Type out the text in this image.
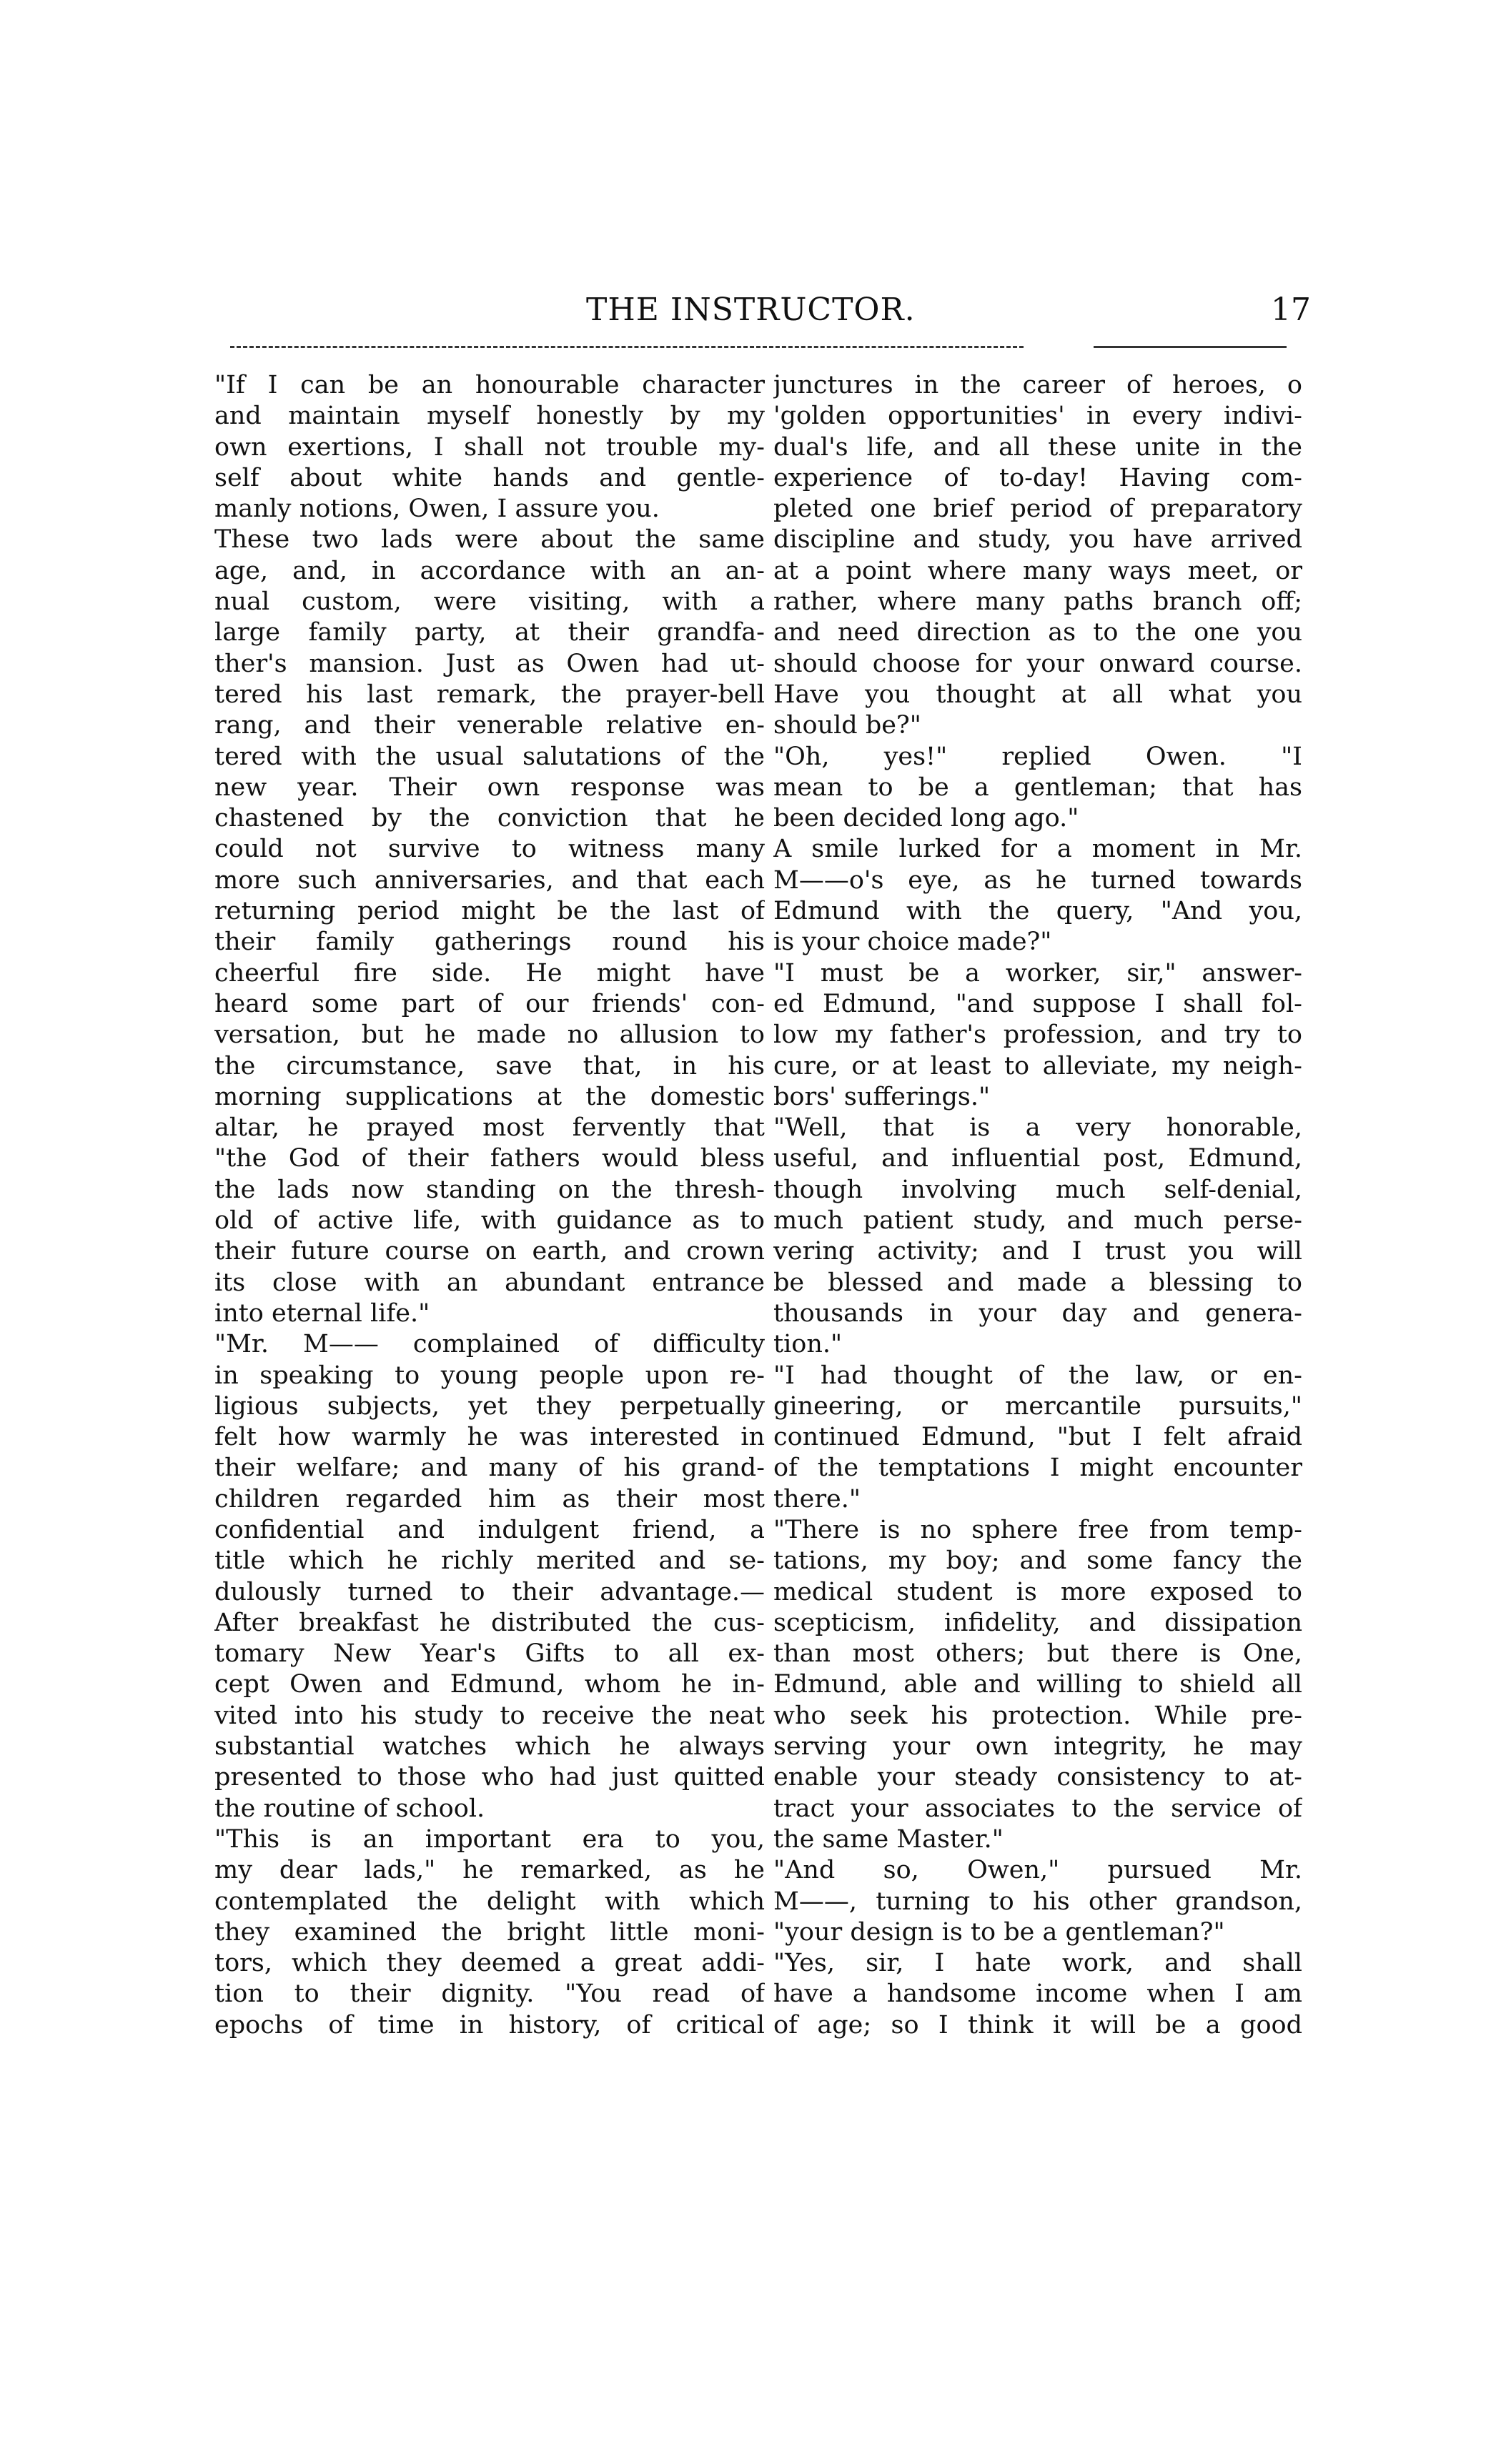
THE INSTRUCTOR.	17
"If I can be an honourable character
and maintain myself honestly by my
own exertions, I shall not trouble my-
self about white hands and gentle-
manly notions, Owen, I assure you.
These two lads were about the same
age, and, in accordance with an an-
nual custom, were visiting, with a
large family party, at their grandfa-
ther's mansion. Just as Owen had ut-
tered his last remark, the prayer-bell
rang, and their venerable relative en-
tered with the usual salutations of the
new year. Their own response was
chastened by the conviction that he
could not survive to witness many
more such anniversaries, and that each
returning period might be the last of
their family gatherings round his
cheerful fire side. He might have
heard some part of our friends' con-
versation, but he made no allusion to
the circumstance, save that, in his
morning supplications at the domestic
altar, he prayed most fervently that
"the God of their fathers would bless
the lads now standing on the thresh-
old of active life, with guidance as to
their future course on earth, and crown
its close with an abundant entrance
into eternal life."
"Mr. M—— complained of difficulty
in speaking to young people upon re-
ligious subjects, yet they perpetually
felt how warmly he was interested in
their welfare; and many of his grand-
children regarded him as their most
confidential and indulgent friend, a
title which he richly merited and se-
dulously turned to their advantage.—
After breakfast he distributed the cus-
tomary New Year's Gifts to all ex-
cept Owen and Edmund, whom he in-
vited into his study to receive the neat
substantial watches which he always
presented to those who had just quitted
the routine of school.
"This is an important era to you,
my dear lads," he remarked, as he
contemplated the delight with which
they examined the bright little moni-
tors, which they deemed a great addi-
tion to their dignity. "You read of
epochs of time in history, of critical
junctures in the career of heroes, o
'golden opportunities' in every indivi-
dual's life, and all these unite in the
experience of to-day! Having com-
pleted one brief period of preparatory
discipline and study, you have arrived
at a point where many ways meet, or
rather, where many paths branch off;
and need direction as to the one you
should choose for your onward course.
Have you thought at all what you
should be?"
"Oh, yes!" replied Owen. "I
mean to be a gentleman; that has
been decided long ago."
A smile lurked for a moment in Mr.
M——o's eye, as he turned towards
Edmund with the query, "And you,
is your choice made?"
"I must be a worker, sir," answer-
ed Edmund, "and suppose I shall fol-
low my father's profession, and try to
cure, or at least to alleviate, my neigh-
bors' sufferings."
"Well, that is a very honorable,
useful, and influential post, Edmund,
though involving much self-denial,
much patient study, and much perse-
vering activity; and I trust you will
be blessed and made a blessing to
thousands in your day and genera-
tion."
"I had thought of the law, or en-
gineering, or mercantile pursuits,"
continued Edmund, "but I felt afraid
of the temptations I might encounter
there."
"There is no sphere free from temp-
tations, my boy; and some fancy the
medical student is more exposed to
scepticism, infidelity, and dissipation
than most others; but there is One,
Edmund, able and willing to shield all
who seek his protection. While pre-
serving your own integrity, he may
enable your steady consistency to at-
tract your associates to the service of
the same Master."
"And so, Owen," pursued Mr.
M——, turning to his other grandson,
"your design is to be a gentleman?"
"Yes, sir, I hate work, and shall
have a handsome income when I am
of age; so I think it will be a good
